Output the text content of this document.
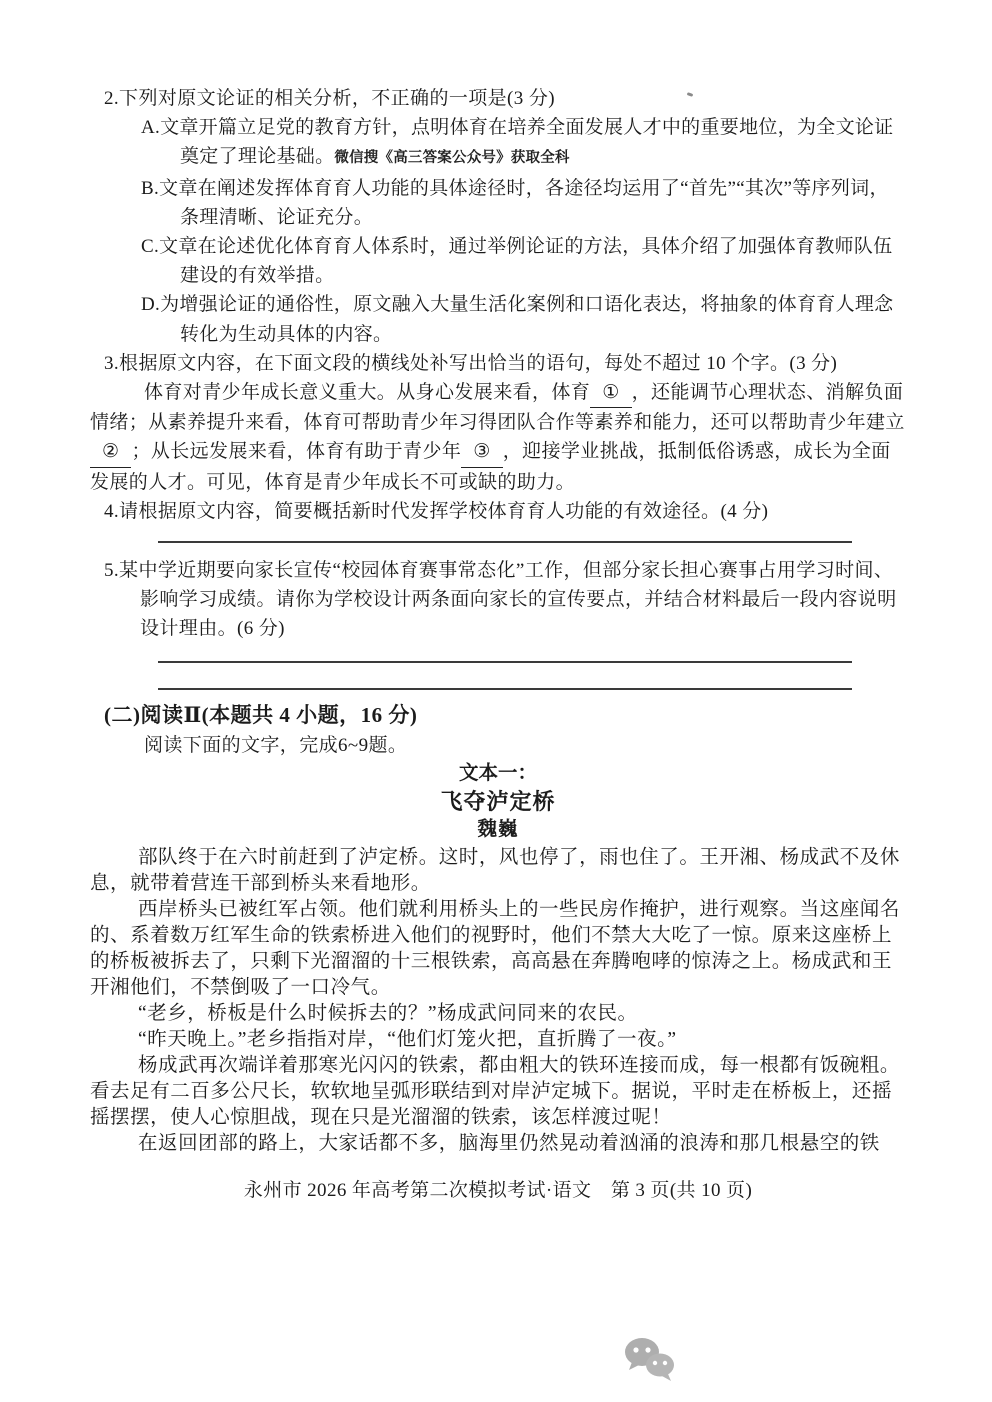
2.下列对原文论证的相关分析，不正确的一项是(3 分)
A.文章开篇立足党的教育方针，点明体育在培养全面发展人才中的重要地位，为全文论证奠定了理论基础。微信搜《高三答案公众号》获取全科
B.文章在阐述发挥体育育人功能的具体途径时，各途径均运用了“首先”“其次”等序列词，条理清晰、论证充分。
C.文章在论述优化体育育人体系时，通过举例论证的方法，具体介绍了加强体育教师队伍建设的有效举措。
D.为增强论证的通俗性，原文融入大量生活化案例和口语化表达，将抽象的体育育人理念转化为生动具体的内容。
3.根据原文内容，在下面文段的横线处补写出恰当的语句，每处不超过 10 个字。(3 分)
体育对青少年成长意义重大。从身心发展来看，体育 ① ，还能调节心理状态、消解负面情绪；从素养提升来看，体育可帮助青少年习得团队合作等素养和能力，还可以帮助青少年建立② ；从长远发展来看，体育有助于青少年 ③ ，迎接学业挑战，抵制低俗诱惑，成长为全面发展的人才。可见，体育是青少年成长不可或缺的助力。
4.请根据原文内容，简要概括新时代发挥学校体育育人功能的有效途径。(4 分)
5.某中学近期要向家长宣传“校园体育赛事常态化”工作，但部分家长担心赛事占用学习时间、影响学习成绩。请你为学校设计两条面向家长的宣传要点，并结合材料最后一段内容说明设计理由。(6 分)
(二)阅读Ⅱ(本题共 4 小题，16 分)
阅读下面的文字，完成6~9题。
文本一：
飞夺泸定桥
魏巍

部队终于在六时前赶到了泸定桥。这时，风也停了，雨也住了。王开湘、杨成武不及休息，就带着营连干部到桥头来看地形。

西岸桥头已被红军占领。他们就利用桥头上的一些民房作掩护，进行观察。当这座闻名的、系着数万红军生命的铁索桥进入他们的视野时，他们不禁大大吃了一惊。原来这座桥上的桥板被拆去了，只剩下光溜溜的十三根铁索，高高悬在奔腾咆哮的惊涛之上。杨成武和王开湘他们，不禁倒吸了一口冷气。

“老乡，桥板是什么时候拆去的？”杨成武问同来的农民。

“昨天晚上。”老乡指指对岸，“他们灯笼火把，直折腾了一夜。”

杨成武再次端详着那寒光闪闪的铁索，都由粗大的铁环连接而成，每一根都有饭碗粗。看去足有二百多公尺长，软软地呈弧形联结到对岸泸定城下。据说，平时走在桥板上，还摇摇摆摆，使人心惊胆战，现在只是光溜溜的铁索，该怎样渡过呢！

在返回团部的路上，大家话都不多，脑海里仍然晃动着汹涌的浪涛和那几根悬空的铁

永州市 2026 年高考第二次模拟考试·语文　第 3 页(共 10 页)
